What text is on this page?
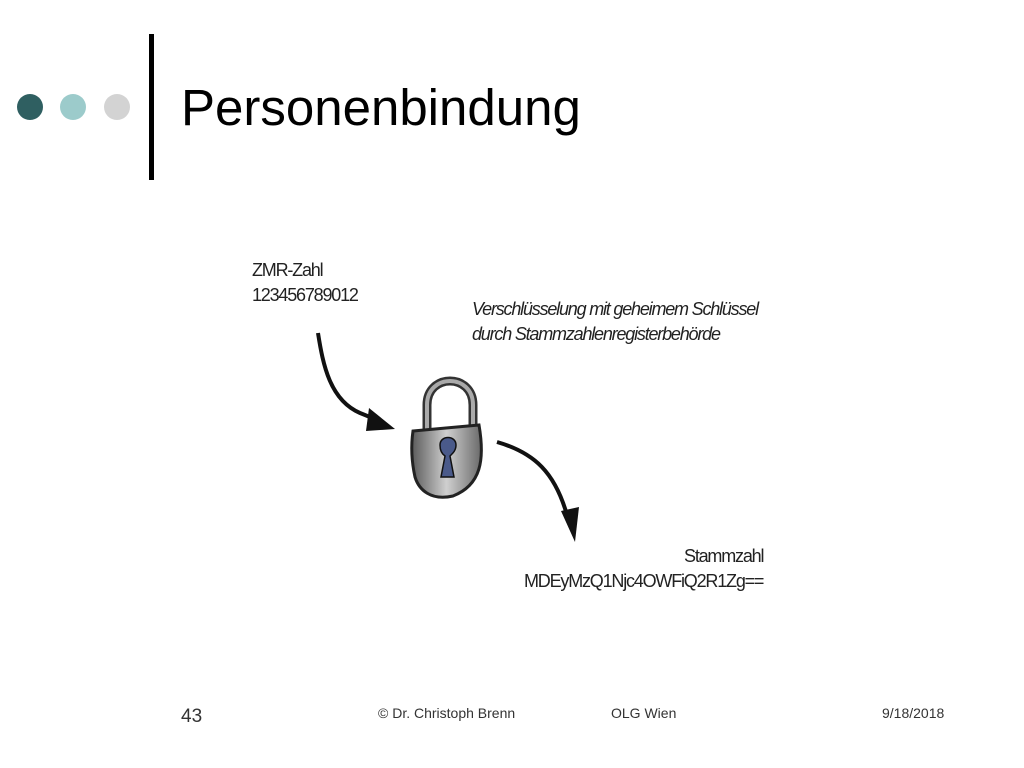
Personenbindung
ZMR-Zahl
123456789012
Verschlüsselung mit geheimem Schlüssel
durch Stammzahlenregisterbehörde
Stammzahl
MDEyMzQ1Njc4OWFiQ2R1Zg==
43	© Dr. Christoph Brenn	OLG Wien	9/18/2018
